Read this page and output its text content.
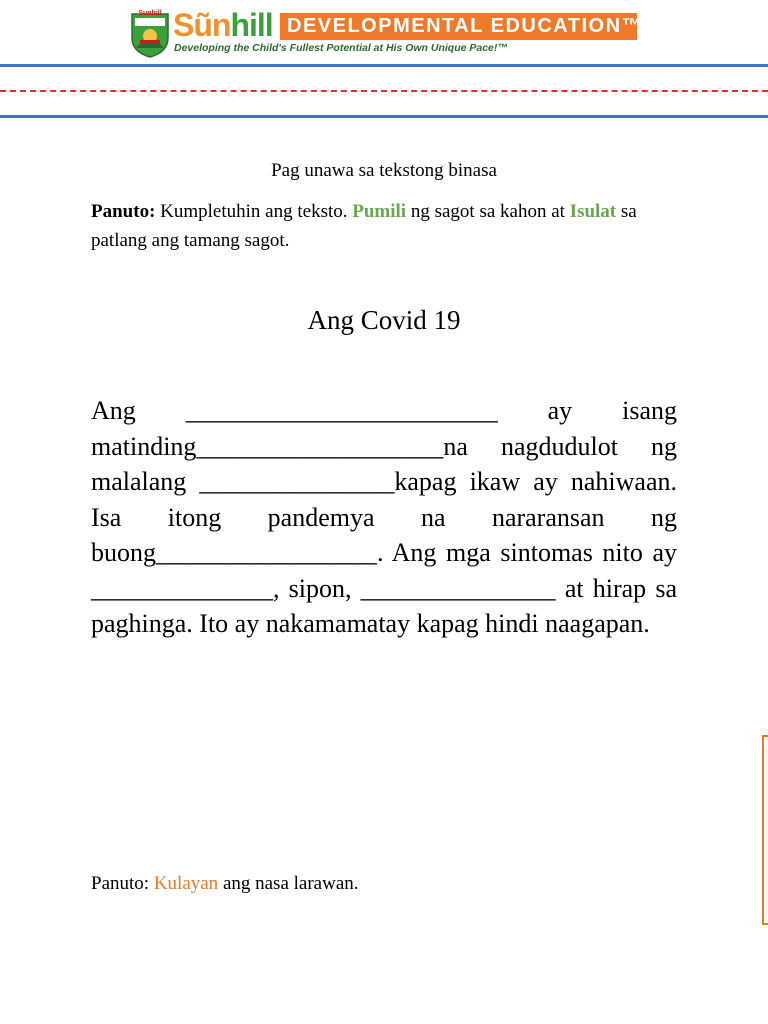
Sunhill Sũnhill DEVELOPMENTAL EDUCATION™
Developing the Child's Fullest Potential at His Own Unique Pace!™
Pag unawa sa tekstong binasa
Panuto: Kumpletuhin ang teksto. Pumili ng sagot sa kahon at Isulat sa patlang ang tamang sagot.
Ang Covid 19
Ang ________________________ ay isang matinding___________________na nagdudulot ng malalang _______________kapag ikaw ay nahiwaan. Isa itong pandemya na nararansan ng buong_________________. Ang mga sintomas nito ay ______________, sipon, _______________ at hirap sa paghinga. Ito ay nakamamatay kapag hindi naagapan.
Panuto: Kulayan ang nasa larawan.
